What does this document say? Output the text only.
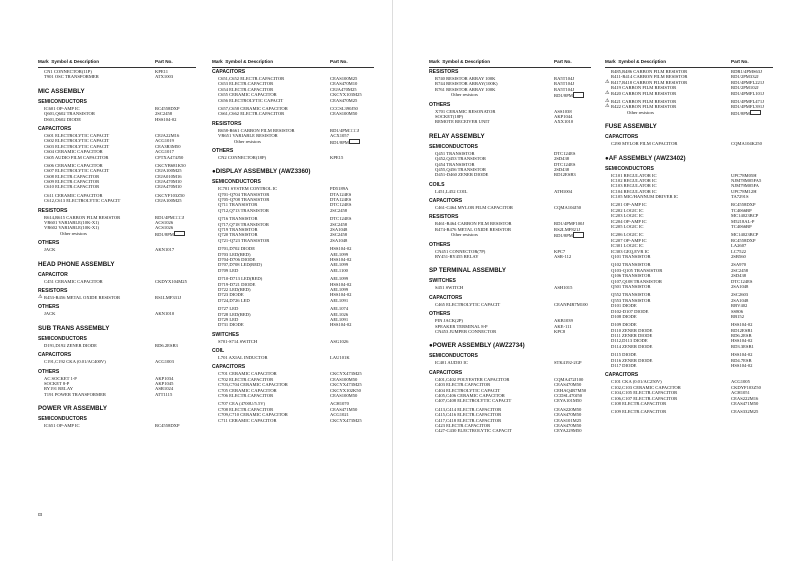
Mark Symbol & Description	Part No.	Mark Symbol & Description	Part No.
CN1 CONNECTOR(11P)	KPE11
T901 OSC TRANSFORMER	ATX1003
MIC ASSEMBLY
SEMICONDUCTORS
IC601 OP-AMP IC	RC4558DXP
Q601,Q602 TRANSISTOR	2SC2458
D601,D602 DIODE	HSS104-02
CAPACITORS
C601 ELECTROLYTIC CAPACIT	CEJA22M16
C602 ELECTROLYTIC CAPACIT	ACG1019
C603 ELECTROLYTIC CAPACIT	CEA3R3M50
C604 CERAMIC CAPACITOR	ACG1017
C605 AUDIO FILM CAPACITOR	CFTXA474J50
C606 CERAMIC CAPACITOR	CKCYB681K50
C607 ELECTROLYTIC CAPACIT	CEJA100M25
C608 ELECTR.CAPACITOR	CEJA010M16
C609 ELECTR.CAPACITOR	CEJA470M10
C610 ELECTR.CAPACITOR	CEJA470M10
C611 CERAMIC CAPACITOR	CKCYF103Z50
C612,C613 ELECTROLYTIC CAPACIT	CEJA100M25
RESISTORS
R614,R615 CARBON FILM RESISTOR	RD1/4PM□□□J
VR601 VARIABLE(10K-X1)	ACS1026
VR602 VARIABLE(10K-X1)	ACS1026
Other resistors	RD1/8PM
OTHERS
JACK	AKN1017
HEAD PHONE ASSEMBLY
CAPACITOR
C451 CERAMIC CAPACITOR	CKDYX104M25
RESISTORS
⚠ R453-R456 METAL OXIDE RESISTOR	RS1LMF331J
OTHERS
JACK	AKN1010
SUB TRANS ASSEMBLY
SEMICONDUCTORS
D191,D192 ZENER DIODE	RD6.2ESB3
CAPACITORS
C191,C192 CKA (0.01/AC400V)	ACG1003
OTHERS
AC SOCKET 1-P	AKP1034
SOCKET 8-P	AKP1045
RY191 RELAY	ASR1024
T191 POWER TRANSFORMER	ATT1115
POWER VR ASSEMBLY
SEMICONDUCTORS
IC651 OP-AMP IC	RC4558DXP
CAPACITORS
C651,C652 ELECTR.CAPACITOR	CEAS100M25
C653 ELECTR.CAPACITOR	CEAS470M10
C654 ELECTR.CAPACITOR	CEJA470M25
C655 CERAMIC CAPACITOR	CKCYX103M25
C656 ELECTROLYTIC CAPACIT	CEAS470M25
C657,C658 CERAMIC CAPACITOR	CCCSL390J50
C661,C662 ELECTR.CAPACITOR	CEAS100M50
RESISTORS
R658-R661 CARBON FILM RESISTOR	RD1/4PM□□□J
VR651 VARIABLE RESISTOR	ACX1057
Other resistors	RD1/8PM
OTHERS
CN2 CONNECTOR(18P)	KPE15
●DISPLAY ASSEMBLY (AWZ3360)
SEMICONDUCTORS
IC701 SYSTEM CONTROL IC	PD5189A
Q701-Q704 TRANSISTOR	DTA124ES
Q705-Q708 TRANSISTOR	DTA124ES
Q711 TRANSISTOR	DTC124ES
Q712,Q713 TRANSISTOR	2SC2458
Q716 TRANSISTOR	DTC124ES
Q717,Q718 TRANSISTOR	2SC2458
Q719 TRANSISTOR	2SA1048
Q720 TRANSISTOR	2SC2458
Q721-Q723 TRANSISTOR	2SA1048
D701,D702 DIODE	HSS104-02
D703 LED(RED)	AEL1099
D704-D706 DIODE	HSS104-02
D707,D708 LED(RED)	AEL1099
D709 LED	AEL1100
D710-D713 LED(RED)	AEL1099
D719-D721 DIODE	HSS104-02
D722 LED(RED)	AEL1099
D723 DIODE	HSS104-02
D724,D726 LED	AEL1091
D727 LED	AEL1074
D728 LED(RED)	AEL1026
D729 LED	AEL1091
D731 DIODE	HSS104-02
SWITCHES
S701-S714 SWITCH	ASG1026
COIL
L701 AXIAL INDUCTOR	LAU101K
CAPACITORS
C701 CERAMIC CAPACITOR	CKCYX473M25
C702 ELECTR.CAPACITOR	CEAS100M50
C703,C704 CERAMIC CAPACITOR	CKCYX473M25
C705 CERAMIC CAPACITOR	CKCYX102K50
C706 ELECTR.CAPACITOR	CEAS100M50
C707 CEA (4700U/5.5V)	ACH1070
C708 ELECTR.CAPACITOR	CEAS471M50
C709,C710 CERAMIC CAPACITOR	ACG1021
C711 CERAMIC CAPACITOR	CKCYX473M25
⊡
Mark Symbol & Description	Part No.	Mark Symbol & Description	Part No.
RESISTORS
R740 RESISTOR ARRAY 100K	RA5T104J
R744 RESISTOR ARRAY(100K)	RA5T104J
R761 RESISTOR ARRAY 100K	RA5T104J
Other resistors	RD1/8PM
OTHERS
X701 CERAMIC RESONATOR	ASS1038
SOCKET(18P)	AKP1044
REMOTE RECEIVER UNIT	AXX1010
RELAY ASSEMBLY
SEMICONDUCTORS
Q451 TRANSISTOR	DTC124ES
Q452,Q453 TRANSISTOR	2SD438
Q454 TRANSISTOR	DTC124ES
Q455,Q456 TRANSISTOR	2SD438
D451-D460 ZENER DIODE	RD12ESB3
COILS
L451,L452 COIL	ATH1004
CAPACITORS
C461-C464 MYLOR FILM CAPACITOR	CQMA104J50
RESISTORS
R461-R464 CARBON FILM RESISTOR	RD1/4PMF100J
R474-R476 METAL OXIDE RESISTOR	RS2LMF821J
Other resistors	RD1/8PM
OTHERS
CN451 CONNECTOR(7P)	KPC7
RY451-RY455 RELAY	ASR-112
SP TERMINAL ASSEMBLY
SWITCHES
S451 SWITCH	ASH1015
CAPACITORS
C465 ELECTROLYTIC CAPACIT	CEANP4R7M100
OTHERS
PIN JACK(2P)	AKB1039
SPEAKER TERMINAL 8-P	AKE-111
CN453 JUMPER CONNECTOR	KPC8
●POWER ASSEMBLY (AWZ2734)
SEMICONDUCTORS
IC401 AUDIO IC	STK4192-2GP
CAPACITORS
C401,C402 POLYESTER CAPACITOR	CQMA472J100
C403 ELECTR.CAPACITOR	CEAS470M50
C404 ELECTROLYTIC CAPACIT	CEHAQ4R7M50
C405,C406 CERAMIC CAPACITOR	CCDSL470J50
C407,C408 ELECTROLYTIC CAPACIT	CEYA101M50
C413,C414 ELECTR.CAPACITOR	CEAS220M50
C415,C416 ELECTR.CAPACITOR	CEAS470M50
C417,C418 ELECTR.CAPACITOR	CEAS101M25
C423 ELECTR.CAPACITOR	CEAS470M50
C427-C430 ELECTROLYTIC CAPACIT	CEYA229M50
R485,R486 CARBON FILM RESISTOR	RDR1/4PMS63J
R411-R414 CARBON FILM RESISTOR	RD1/2PM332J
⚠ R417,R418 CARBON FILM RESISTOR	RD1/4PMFL221J
R419 CARBON FILM RESISTOR	RD1/2PM102J
⚠ R420 CARBON FILM RESISTOR	RD1/4PMFL101J
⚠ R421 CARBON FILM RESISTOR	RD1/4PMFL471J
⚠ R422 CARBON FILM RESISTOR	RD1/4PMFL391J
Other resistors	RD1/8PM
FUSE ASSEMBLY
CAPACITORS
C290 MYLOR FILM CAPACITOR	CQMA104K250
●AF ASSEMBLY (AWZ3402)
SEMICONDUCTORS
IC101 REGULATOR IC	UPC78M05H
IC102 REGULATOR IC	NJM78M05FA5
IC103 REGULATOR IC	NJM79M05FA
IC104 REGULATOR IC	UPC78M12H
IC105 MIC/HANNUM DRIVER IC	TA7291S
IC201 OP-AMP IC	RC4558DXP
IC202 LOGIC IC	TC4066BP
IC203 LOGIC IC	MC14023BCP
IC204 OP-AMP IC	M5218AL-P
IC205 LOGIC IC	TC4066BP
IC206 LOGIC IC	MC14023BCP
IC207 OP-AMP IC	RC4558DXP
IC301 LOGIC IC	LA2607
IC303 GEQ,EVR IC	LC7522
Q101 TRANSISTOR	2SB560
Q102 TRANSISTOR	2SA970
Q103-Q105 TRANSISTOR	2SC2458
Q106 TRANSISTOR	2SD438
Q107,Q108 TRANSISTOR	DTC124ES
Q501 TRANSISTOR	2SA1048
Q552 TRANSISTOR	2SC2603
Q553 TRANSISTOR	2SA1048
D101 DIODE	RBV402
D102-D107 DIODE	SS806
D108 DIODE	RB152
D109 DIODE	HSS104-02
D110 ZENER DIODE	RD12ESB1
D111 ZENER DIODE	RD6.2ESB
D112,D113 DIODE	HSS104-02
D114 ZENER DIODE	RD3.3ESB1
D115 DIODE	HSS104-02
D116 ZENER DIODE	RD4.7ESB
D117 DIODE	HSS104-02
CAPACITORS
C101 CKA (0.01/AC250V)	ACG1005
C102,C103 CERAMIC CAPACITOR	CKDYF103Z50
C104,C105 ELECTR.CAPACITOR	ACH1051
C106,C107 ELECTR.CAPACITOR	CEAS222M16
C108 ELECTR.CAPACITOR	CEAS471M50
C109 ELECTR.CAPACITOR	CEAS332M25
